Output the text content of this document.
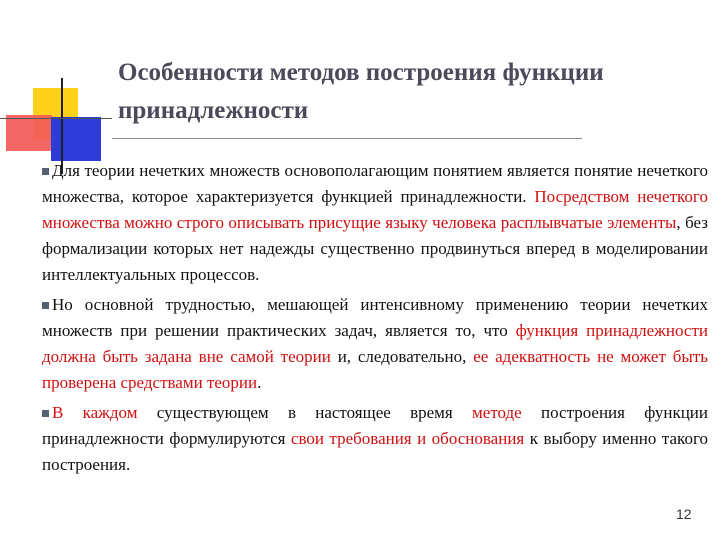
Особенности методов построения функции принадлежности

Для теории нечетких множеств основополагающим понятием является понятие нечеткого множества, которое характеризуется функцией принадлежности. Посредством нечеткого множества можно строго описывать присущие языку человека расплывчатые элементы, без формализации которых нет надежды существенно продвинуться вперед в моделировании интеллектуальных процессов.

Но основной трудностью, мешающей интенсивному применению теории нечетких множеств при решении практических задач, является то, что функция принадлежности должна быть задана вне самой теории и, следовательно, ее адекватность не может быть проверена средствами теории.

В каждом существующем в настоящее время методе построения функции принадлежности формулируются свои требования и обоснования к выбору именно такого построения.

12
